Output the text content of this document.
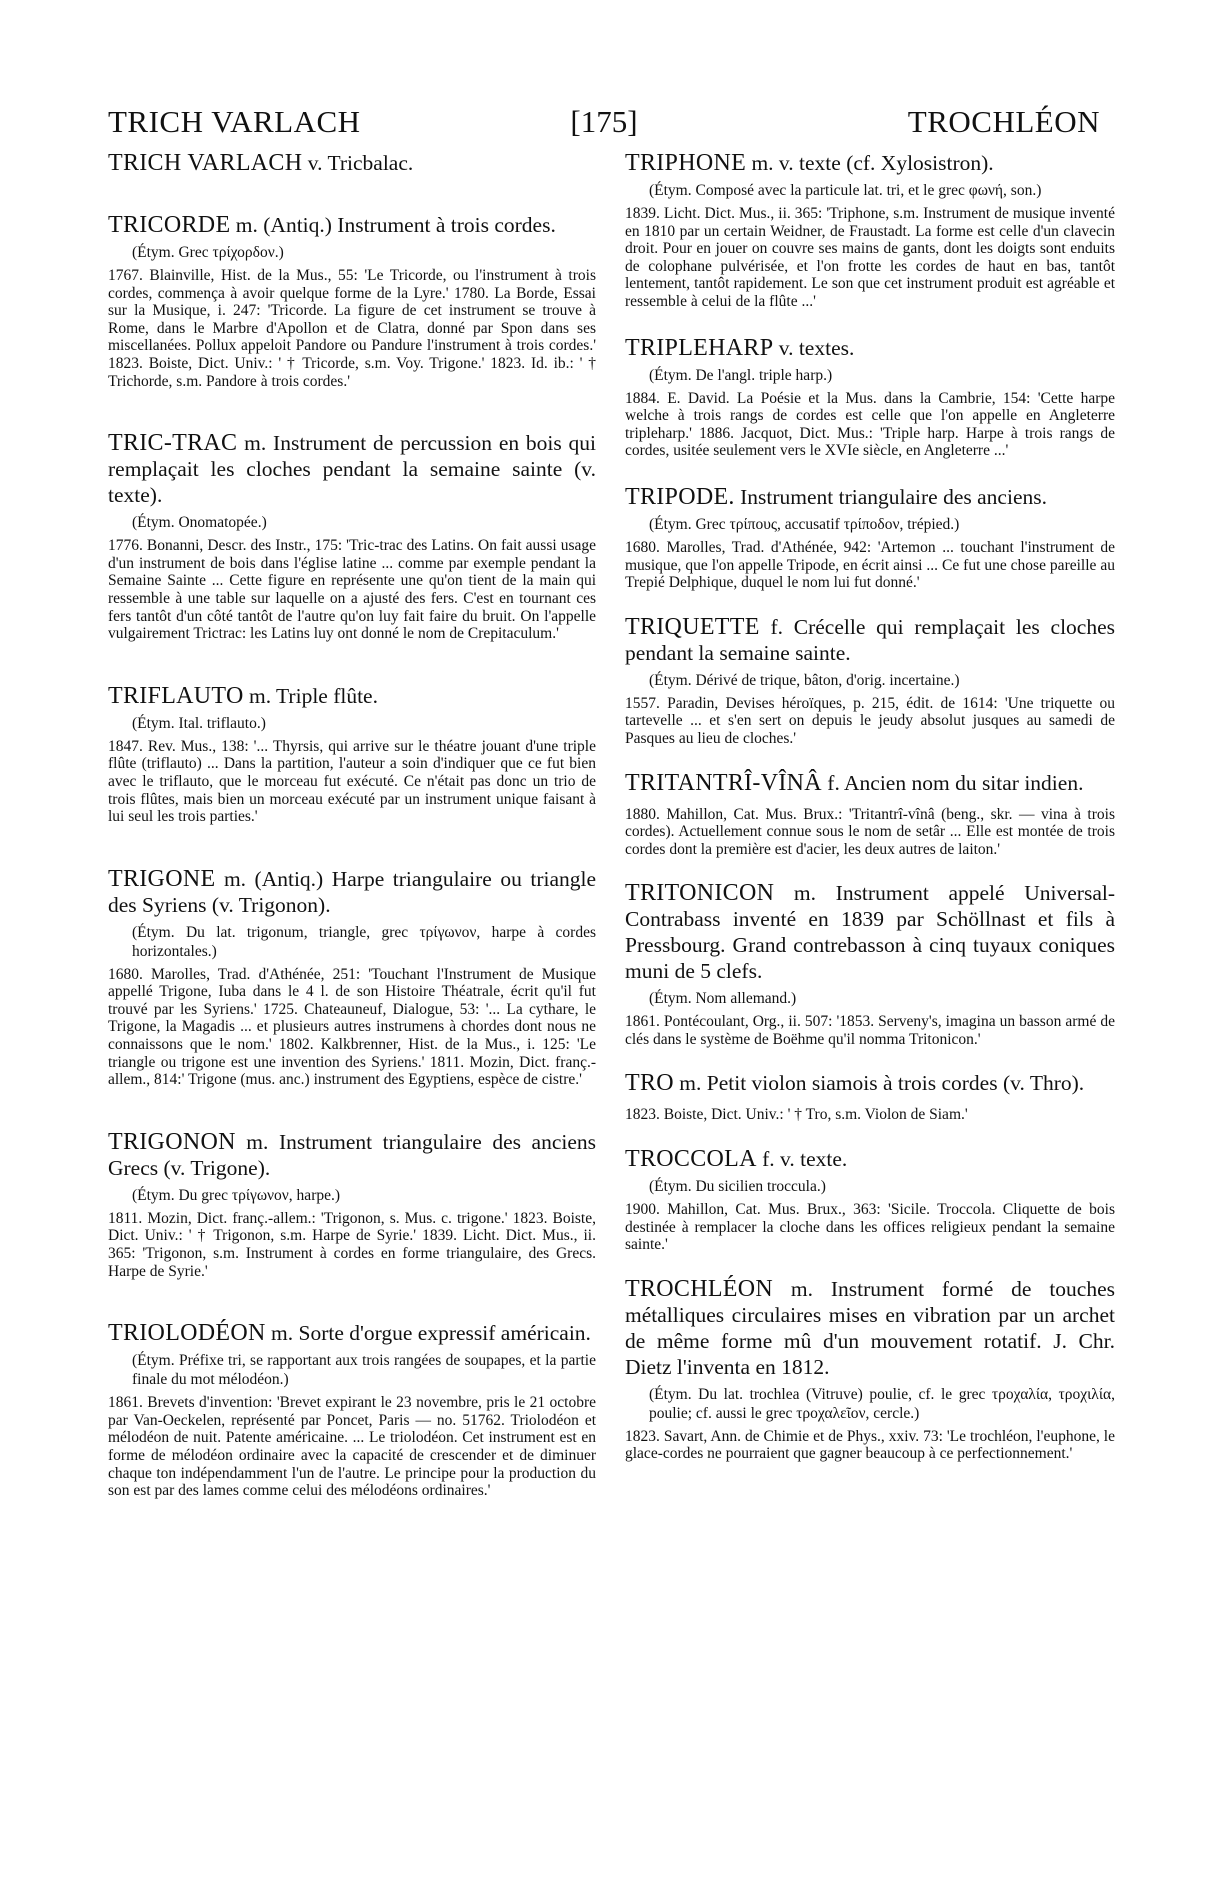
[175]
TRICH VARLACH	TROCHLÉON

TRICH VARLACH v. Tricbalac.

TRICORDE m. (Antiq.) Instrument à trois cordes.

(Étym. Grec τρίχορδον.)

1767. Blainville, Hist. de la Mus., 55: 'Le Tricorde, ou l'instrument à trois cordes, commença à avoir quelque forme de la Lyre.' 1780. La Borde, Essai sur la Musique, i. 247: 'Tricorde. La figure de cet instrument se trouve à Rome, dans le Marbre d'Apollon et de Clatra, donné par Spon dans ses miscellanées. Pollux appeloit Pandore ou Pandure l'instrument à trois cordes.' 1823. Boiste, Dict. Univ.: ' † Tricorde, s.m. Voy. Trigone.' 1823. Id. ib.: ' † Trichorde, s.m. Pandore à trois cordes.'

TRIC-TRAC m. Instrument de percussion en bois qui remplaçait les cloches pendant la semaine sainte (v. texte).

(Étym. Onomatopée.)

1776. Bonanni, Descr. des Instr., 175: 'Tric-trac des Latins. On fait aussi usage d'un instrument de bois dans l'église latine ... comme par exemple pendant la Semaine Sainte ... Cette figure en représente une qu'on tient de la main qui ressemble à une table sur laquelle on a ajusté des fers. C'est en tournant ces fers tantôt d'un côté tantôt de l'autre qu'on luy fait faire du bruit. On l'appelle vulgairement Trictrac: les Latins luy ont donné le nom de Crepitaculum.'

TRIFLAUTO m. Triple flûte.

(Étym. Ital. triflauto.)

1847. Rev. Mus., 138: '... Thyrsis, qui arrive sur le théatre jouant d'une triple flûte (triflauto) ... Dans la partition, l'auteur a soin d'indiquer que ce fut bien avec le triflauto, que le morceau fut exécuté. Ce n'était pas donc un trio de trois flûtes, mais bien un morceau exécuté par un instrument unique faisant à lui seul les trois parties.'

TRIGONE m. (Antiq.) Harpe triangulaire ou triangle des Syriens (v. Trigonon).

(Étym. Du lat. trigonum, triangle, grec τρίγωνον, harpe à cordes horizontales.)

1680. Marolles, Trad. d'Athénée, 251: 'Touchant l'Instrument de Musique appellé Trigone, Iuba dans le 4 l. de son Histoire Théatrale, écrit qu'il fut trouvé par les Syriens.' 1725. Chateauneuf, Dialogue, 53: '... La cythare, le Trigone, la Magadis ... et plusieurs autres instrumens à chordes dont nous ne connaissons que le nom.' 1802. Kalkbrenner, Hist. de la Mus., i. 125: 'Le triangle ou trigone est une invention des Syriens.' 1811. Mozin, Dict. franç.-allem., 814:' Trigone (mus. anc.) instrument des Egyptiens, espèce de cistre.'

TRIGONON m. Instrument triangulaire des anciens Grecs (v. Trigone).

(Étym. Du grec τρίγωνον, harpe.)

1811. Mozin, Dict. franç.-allem.: 'Trigonon, s. Mus. c. trigone.' 1823. Boiste, Dict. Univ.: ' † Trigonon, s.m. Harpe de Syrie.' 1839. Licht. Dict. Mus., ii. 365: 'Trigonon, s.m. Instrument à cordes en forme triangulaire, des Grecs. Harpe de Syrie.'

TRIOLODÉON m. Sorte d'orgue expressif américain.

(Étym. Préfixe tri, se rapportant aux trois rangées de soupapes, et la partie finale du mot mélodéon.)

1861. Brevets d'invention: 'Brevet expirant le 23 novembre, pris le 21 octobre par Van-Oeckelen, représenté par Poncet, Paris — no. 51762. Triolodéon et mélodéon de nuit. Patente américaine. ... Le triolodéon. Cet instrument est en forme de mélodéon ordinaire avec la capacité de crescender et de diminuer chaque ton indépendamment l'un de l'autre. Le principe pour la production du son est par des lames comme celui des mélodéons ordinaires.'

TRIPHONE m. v. texte (cf. Xylosistron).

(Étym. Composé avec la particule lat. tri, et le grec φωνή, son.)

1839. Licht. Dict. Mus., ii. 365: 'Triphone, s.m. Instrument de musique inventé en 1810 par un certain Weidner, de Fraustadt. La forme est celle d'un clavecin droit. Pour en jouer on couvre ses mains de gants, dont les doigts sont enduits de colophane pulvérisée, et l'on frotte les cordes de haut en bas, tantôt lentement, tantôt rapidement. Le son que cet instrument produit est agréable et ressemble à celui de la flûte ...'

TRIPLEHARP v. textes.

(Étym. De l'angl. triple harp.)

1884. E. David. La Poésie et la Mus. dans la Cambrie, 154: 'Cette harpe welche à trois rangs de cordes est celle que l'on appelle en Angleterre tripleharp.' 1886. Jacquot, Dict. Mus.: 'Triple harp. Harpe à trois rangs de cordes, usitée seulement vers le XVIe siècle, en Angleterre ...'

TRIPODE. Instrument triangulaire des anciens.

(Étym. Grec τρίπους, accusatif τρίποδον, trépied.)

1680. Marolles, Trad. d'Athénée, 942: 'Artemon ... touchant l'instrument de musique, que l'on appelle Tripode, en écrit ainsi ... Ce fut une chose pareille au Trepié Delphique, duquel le nom lui fut donné.'

TRIQUETTE f. Crécelle qui remplaçait les cloches pendant la semaine sainte.

(Étym. Dérivé de trique, bâton, d'orig. incertaine.)

1557. Paradin, Devises héroïques, p. 215, édit. de 1614: 'Une triquette ou tartevelle ... et s'en sert on depuis le jeudy absolut jusques au samedi de Pasques au lieu de cloches.'

TRITANTRÎ-VÎNÂ f. Ancien nom du sitar indien.

1880. Mahillon, Cat. Mus. Brux.: 'Tritantrî-vînâ (beng., skr. — vina à trois cordes). Actuellement connue sous le nom de setâr ... Elle est montée de trois cordes dont la première est d'acier, les deux autres de laiton.'

TRITONICON m. Instrument appelé Universal-Contrabass inventé en 1839 par Schöllnast et fils à Pressbourg. Grand contrebasson à cinq tuyaux coniques muni de 5 clefs.

(Étym. Nom allemand.)

1861. Pontécoulant, Org., ii. 507: '1853. Serveny's, imagina un basson armé de clés dans le système de Boëhme qu'il nomma Tritonicon.'

TRO m. Petit violon siamois à trois cordes (v. Thro).

1823. Boiste, Dict. Univ.: ' † Tro, s.m. Violon de Siam.'

TROCCOLA f. v. texte.

(Étym. Du sicilien troccula.)

1900. Mahillon, Cat. Mus. Brux., 363: 'Sicile. Troccola. Cliquette de bois destinée à remplacer la cloche dans les offices religieux pendant la semaine sainte.'

TROCHLÉON m. Instrument formé de touches métalliques circulaires mises en vibration par un archet de même forme mû d'un mouvement rotatif. J. Chr. Dietz l'inventa en 1812.

(Étym. Du lat. trochlea (Vitruve) poulie, cf. le grec τροχαλία, τροχιλία, poulie; cf. aussi le grec τροχαλεῖον, cercle.)

1823. Savart, Ann. de Chimie et de Phys., xxiv. 73: 'Le trochléon, l'euphone, le glace-cordes ne pourraient que gagner beaucoup à ce perfectionnement.'
